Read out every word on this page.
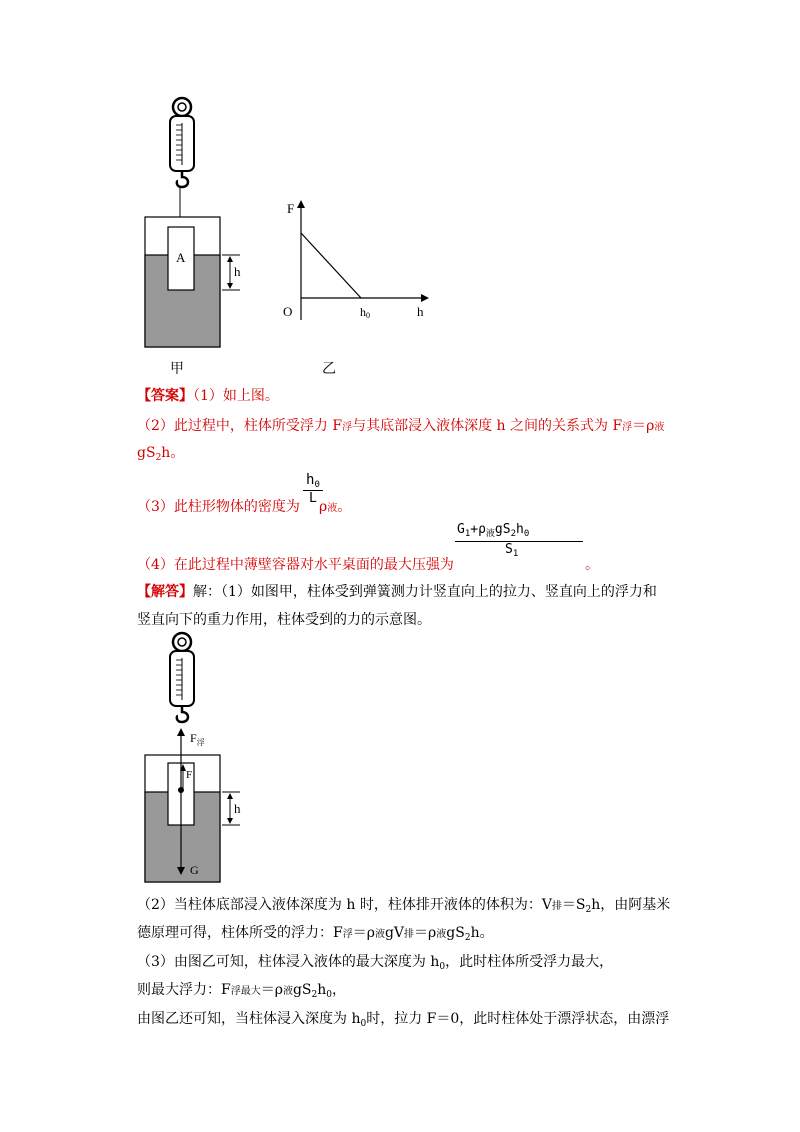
A
h
F
O	h
h0
甲	乙
【答案】（1）如上图。
（2）此过程中，柱体所受浮力 F浮与其底部浸入液体深度 h 之间的关系式为 F浮＝ρ液
$gS_2h$。
（3）此柱形物体的密度为
$\frac{h_0}{L}$
ρ液。
（4）在此过程中薄壁容器对水平桌面的最大压强为
$G_1+\rho_液gS_2h_0$
$S_1$
。
【解答】解：（1）如图甲，柱体受到弹簧测力计竖直向上的拉力、竖直向上的浮力和
竖直向下的重力作用，柱体受到的力的示意图。
$F_浮$
F
G
h
（2）当柱体底部浸入液体深度为 h 时，柱体排开液体的体积为：V排$=S_2h$，由阿基米
德原理可得，柱体所受的浮力：F浮＝ρ液gV排＝ρ液$gS_2h$。
（3）由图乙可知，柱体浸入液体的最大深度为 $h_0$，此时柱体所受浮力最大，
则最大浮力：F浮最大＝ρ液$gS_2h_0$，
由图乙还可知，当柱体浸入深度为 $h_0$时，拉力 F＝0，此时柱体处于漂浮状态，由漂浮
